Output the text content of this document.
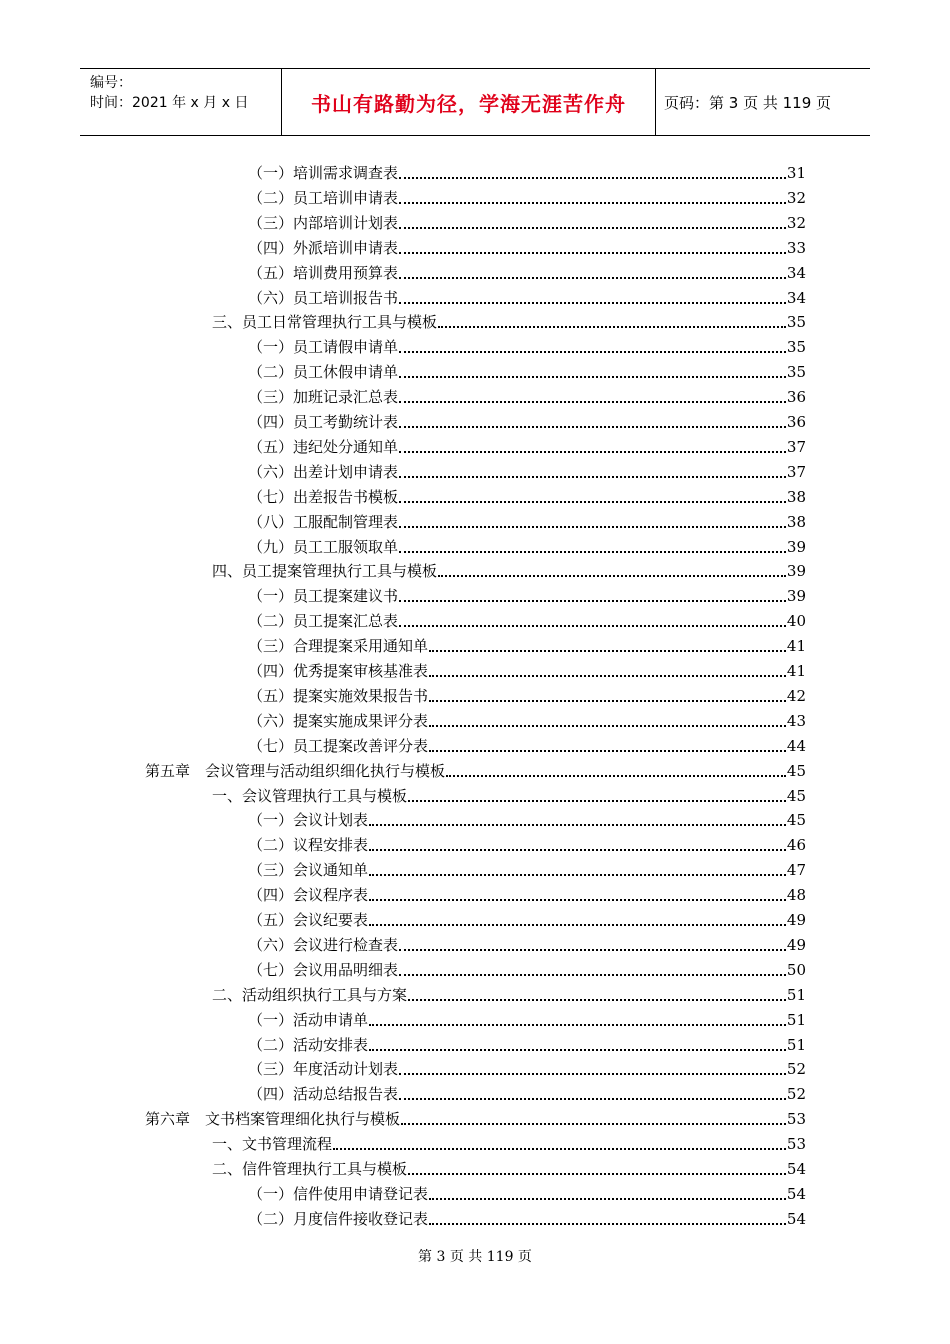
编号：
时间：2021 年 x 月 x 日	书山有路勤为径，学海无涯苦作舟	页码：第 3 页 共 119 页
（一）培训需求调查表	31
（二）员工培训申请表	32
（三）内部培训计划表	32
（四）外派培训申请表	33
（五）培训费用预算表	34
（六）员工培训报告书	34
三、员工日常管理执行工具与模板	35
（一）员工请假申请单	35
（二）员工休假申请单	35
（三）加班记录汇总表	36
（四）员工考勤统计表	36
（五）违纪处分通知单	37
（六）出差计划申请表	37
（七）出差报告书模板	38
（八）工服配制管理表	38
（九）员工工服领取单	39
四、员工提案管理执行工具与模板	39
（一）员工提案建议书	39
（二）员工提案汇总表	40
（三）合理提案采用通知单	41
（四）优秀提案审核基准表	41
（五）提案实施效果报告书	42
（六）提案实施成果评分表	43
（七）员工提案改善评分表	44
第五章　会议管理与活动组织细化执行与模板	45
一、会议管理执行工具与模板	45
（一）会议计划表	45
（二）议程安排表	46
（三）会议通知单	47
（四）会议程序表	48
（五）会议纪要表	49
（六）会议进行检查表	49
（七）会议用品明细表	50
二、活动组织执行工具与方案	51
（一）活动申请单	51
（二）活动安排表	51
（三）年度活动计划表	52
（四）活动总结报告表	52
第六章　文书档案管理细化执行与模板	53
一、文书管理流程	53
二、信件管理执行工具与模板	54
（一）信件使用申请登记表	54
（二）月度信件接收登记表	54
第 3 页 共 119 页
